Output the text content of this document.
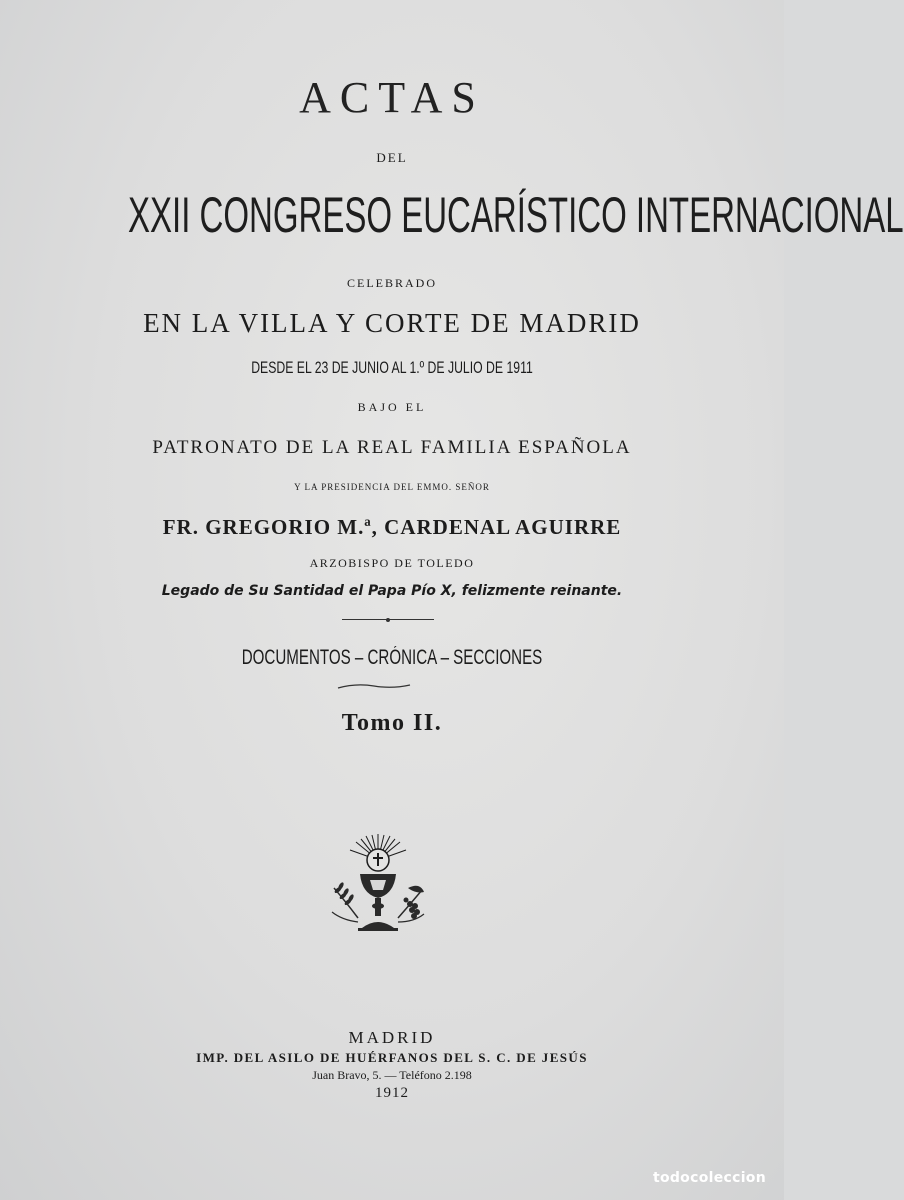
ACTAS

DEL

XXII CONGRESO EUCARÍSTICO INTERNACIONAL

CELEBRADO

EN LA VILLA Y CORTE DE MADRID

DESDE EL 23 DE JUNIO AL 1.º DE JULIO DE 1911

BAJO EL

PATRONATO DE LA REAL FAMILIA ESPAÑOLA

Y LA PRESIDENCIA DEL EMMO. SEÑOR

FR. GREGORIO M.ª, CARDENAL AGUIRRE

ARZOBISPO DE TOLEDO

Legado de Su Santidad el Papa Pío X, felizmente reinante.

DOCUMENTOS – CRÓNICA – SECCIONES

Tomo II.

MADRID

IMP. DEL ASILO DE HUÉRFANOS DEL S. C. DE JESÚS

Juan Bravo, 5. — Teléfono 2.198

1912

todocoleccion
